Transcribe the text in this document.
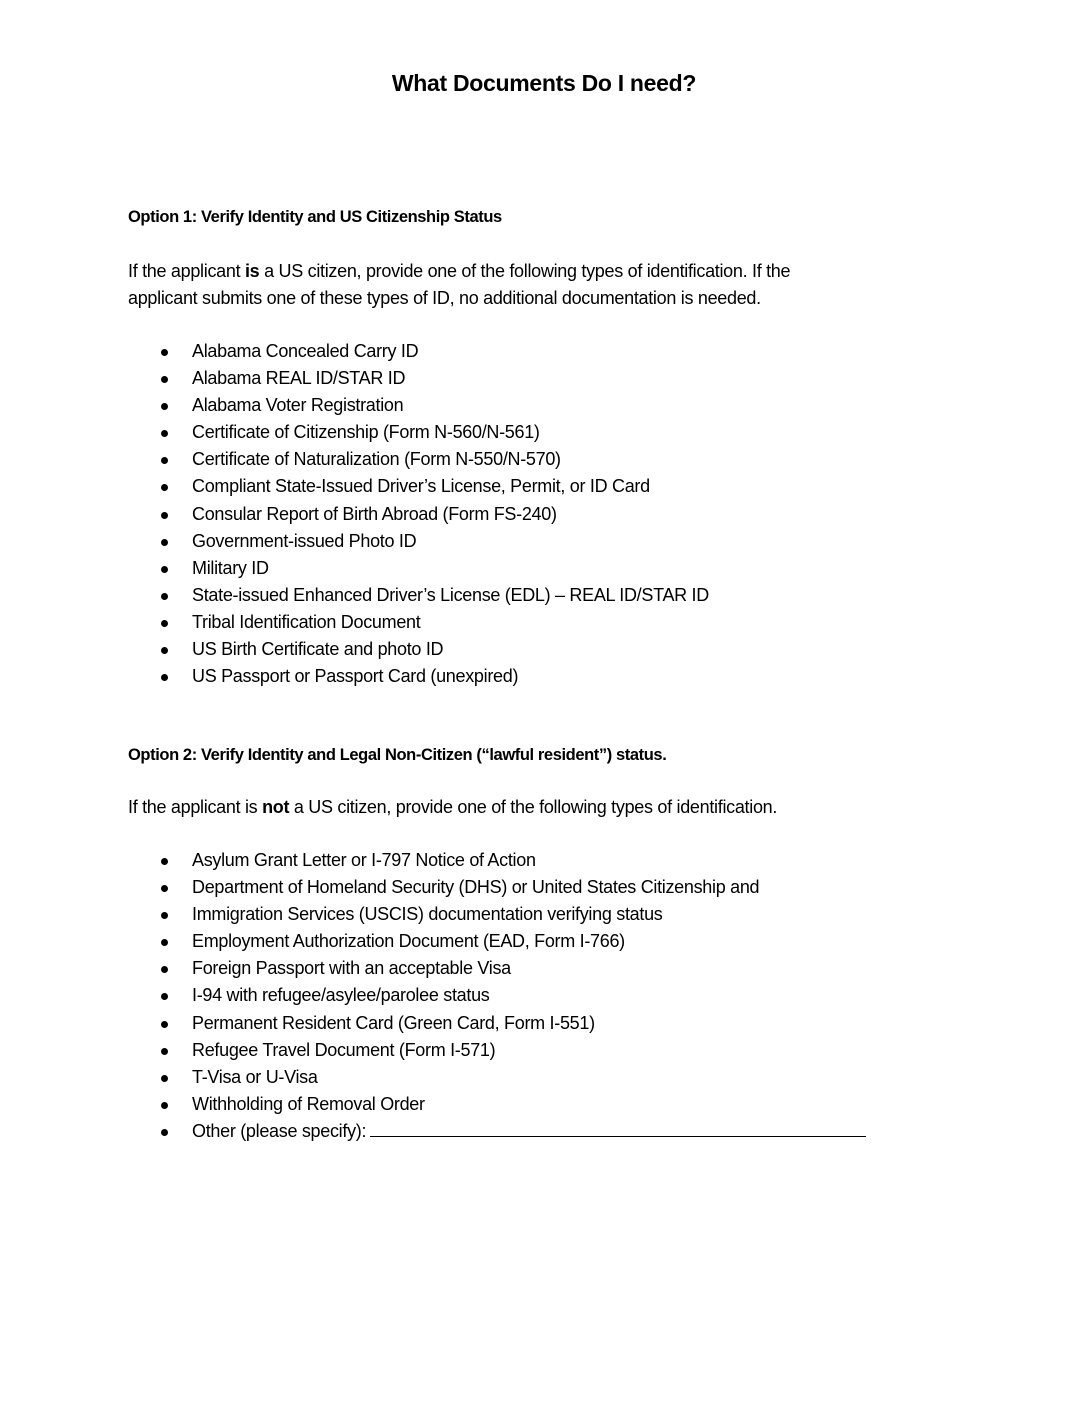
What Documents Do I need?
Option 1: Verify Identity and US Citizenship Status
If the applicant is a US citizen, provide one of the following types of identification. If the
applicant submits one of these types of ID, no additional documentation is needed.
Alabama Concealed Carry ID
Alabama REAL ID/STAR ID
Alabama Voter Registration
Certificate of Citizenship (Form N-560/N-561)
Certificate of Naturalization (Form N-550/N-570)
Compliant State-Issued Driver’s License, Permit, or ID Card
Consular Report of Birth Abroad (Form FS-240)
Government-issued Photo ID
Military ID
State-issued Enhanced Driver’s License (EDL) – REAL ID/STAR ID
Tribal Identification Document
US Birth Certificate and photo ID
US Passport or Passport Card (unexpired)
Option 2: Verify Identity and Legal Non-Citizen (“lawful resident”) status.
If the applicant is not a US citizen, provide one of the following types of identification.
Asylum Grant Letter or I-797 Notice of Action
Department of Homeland Security (DHS) or United States Citizenship and
Immigration Services (USCIS) documentation verifying status
Employment Authorization Document (EAD, Form I-766)
Foreign Passport with an acceptable Visa
I-94 with refugee/asylee/parolee status
Permanent Resident Card (Green Card, Form I-551)
Refugee Travel Document (Form I-571)
T-Visa or U-Visa
Withholding of Removal Order
Other (please specify):
